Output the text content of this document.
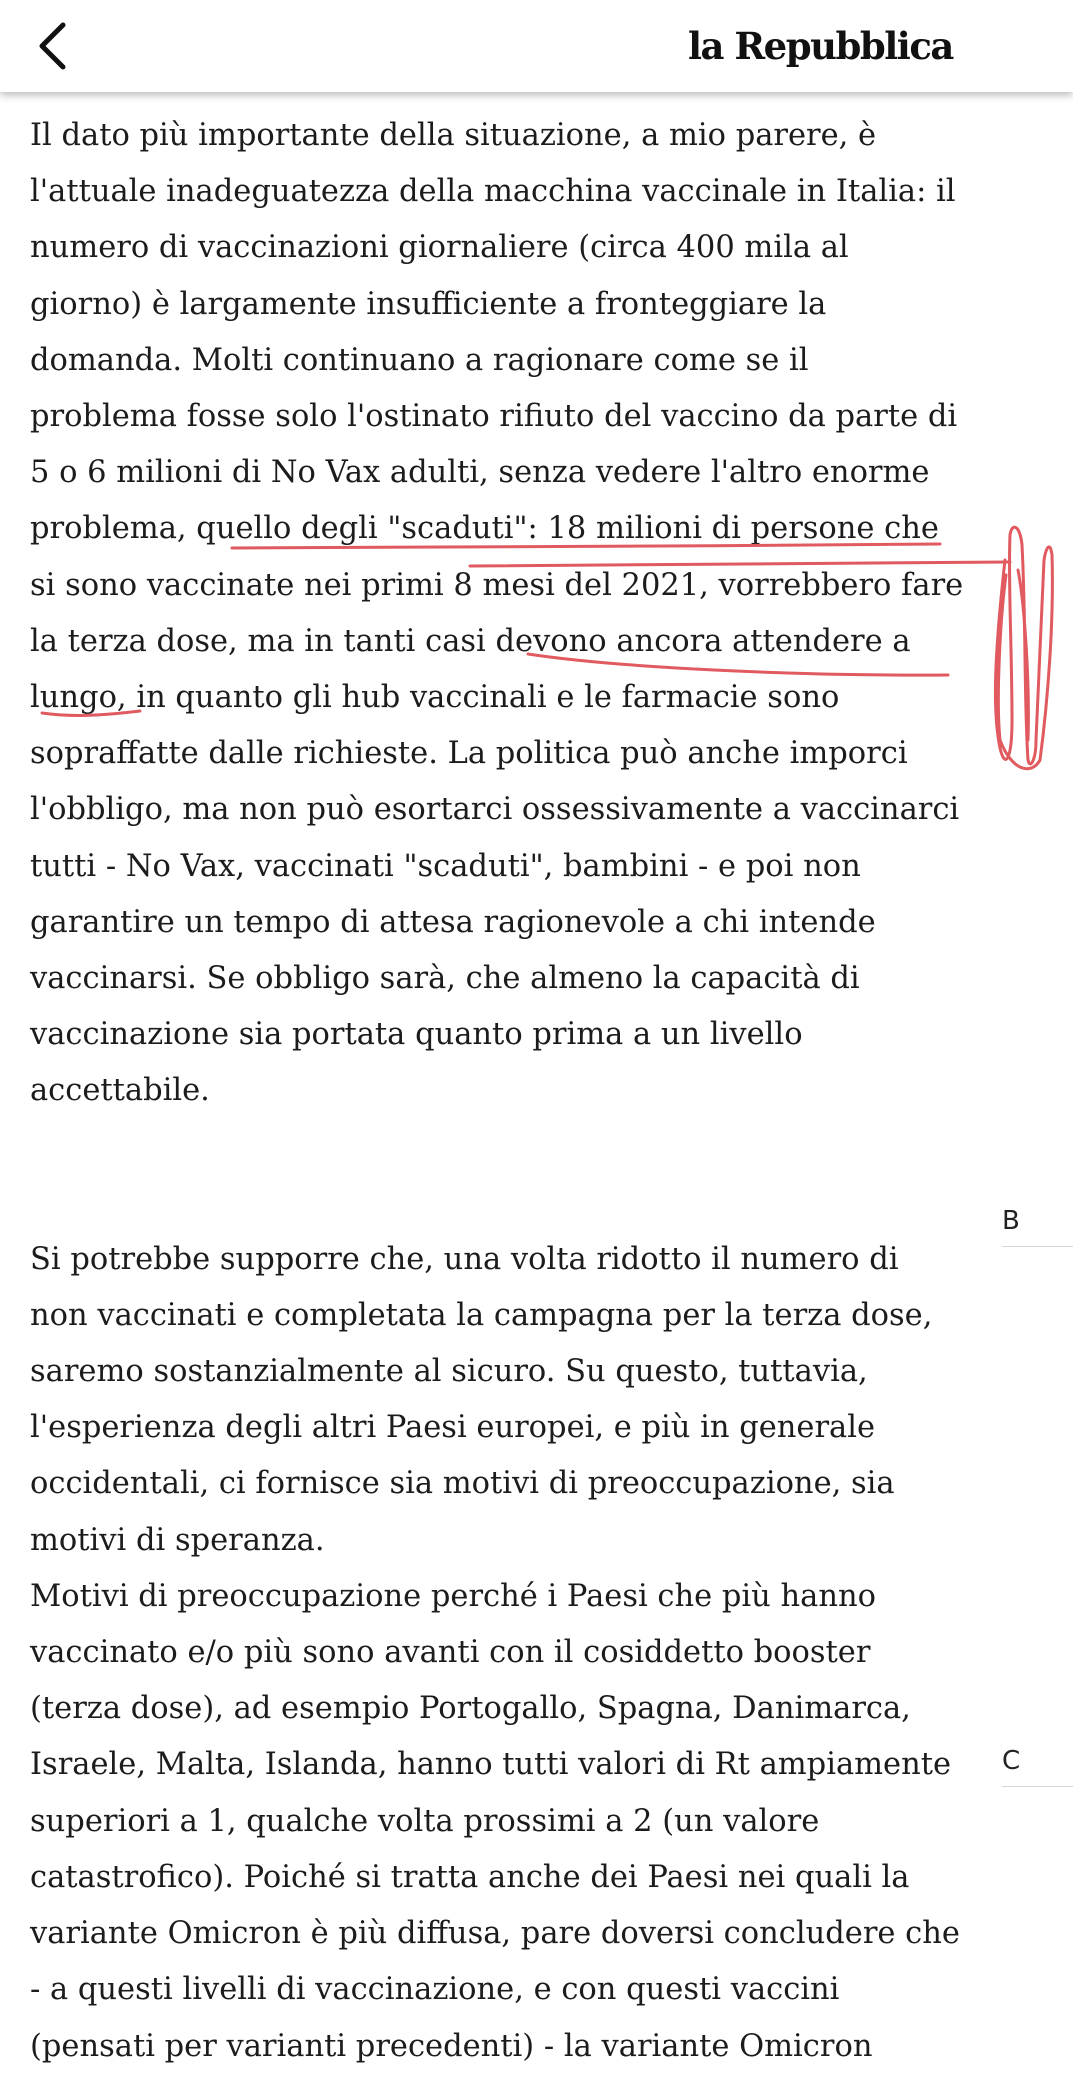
la Repubblica

Il dato più importante della situazione, a mio parere, è
l'attuale inadeguatezza della macchina vaccinale in Italia: il
numero di vaccinazioni giornaliere (circa 400 mila al
giorno) è largamente insufficiente a fronteggiare la
domanda. Molti continuano a ragionare come se il
problema fosse solo l'ostinato rifiuto del vaccino da parte di
5 o 6 milioni di No Vax adulti, senza vedere l'altro enorme
problema, quello degli "scaduti": 18 milioni di persone che
si sono vaccinate nei primi 8 mesi del 2021, vorrebbero fare
la terza dose, ma in tanti casi devono ancora attendere a
lungo, in quanto gli hub vaccinali e le farmacie sono
sopraffatte dalle richieste. La politica può anche imporci
l'obbligo, ma non può esortarci ossessivamente a vaccinarci
tutti - No Vax, vaccinati "scaduti", bambini - e poi non
garantire un tempo di attesa ragionevole a chi intende
vaccinarsi. Se obbligo sarà, che almeno la capacità di
vaccinazione sia portata quanto prima a un livello
accettabile.

Si potrebbe supporre che, una volta ridotto il numero di
non vaccinati e completata la campagna per la terza dose,
saremo sostanzialmente al sicuro. Su questo, tuttavia,
l'esperienza degli altri Paesi europei, e più in generale
occidentali, ci fornisce sia motivi di preoccupazione, sia
motivi di speranza.
Motivi di preoccupazione perché i Paesi che più hanno
vaccinato e/o più sono avanti con il cosiddetto booster
(terza dose), ad esempio Portogallo, Spagna, Danimarca,
Israele, Malta, Islanda, hanno tutti valori di Rt ampiamente
superiori a 1, qualche volta prossimi a 2 (un valore
catastrofico). Poiché si tratta anche dei Paesi nei quali la
variante Omicron è più diffusa, pare doversi concludere che
- a questi livelli di vaccinazione, e con questi vaccini
(pensati per varianti precedenti) - la variante Omicron

B
C
